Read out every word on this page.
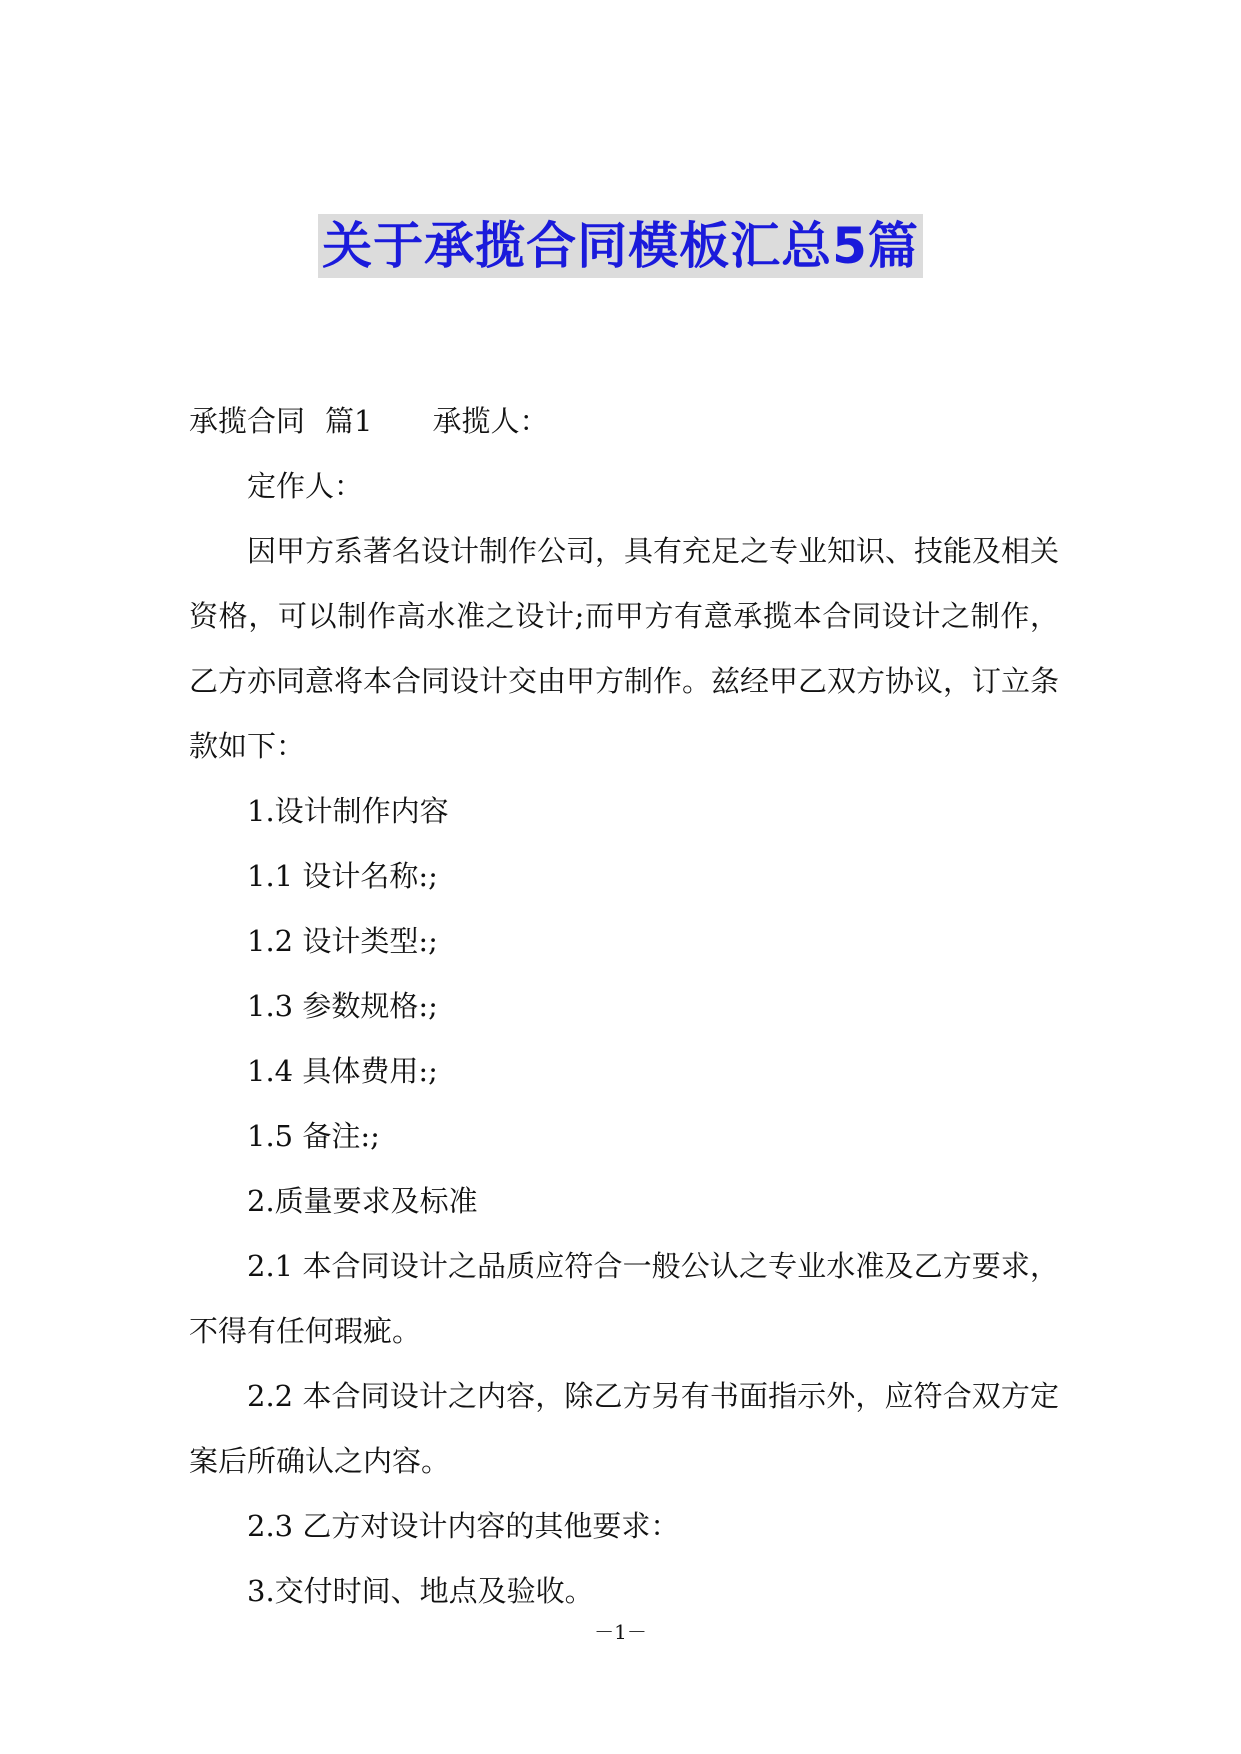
关于承揽合同模板汇总5篇

承揽合同 篇1 承揽人：

定作人：

因甲方系著名设计制作公司，具有充足之专业知识、技能及相关资格，可以制作高水准之设计;而甲方有意承揽本合同设计之制作，乙方亦同意将本合同设计交由甲方制作。兹经甲乙双方协议，订立条款如下：

1.设计制作内容

1.1 设计名称:;

1.2 设计类型:;

1.3 参数规格:;

1.4 具体费用:;

1.5 备注:;

2.质量要求及标准

2.1 本合同设计之品质应符合一般公认之专业水准及乙方要求，不得有任何瑕疵。

2.2 本合同设计之内容，除乙方另有书面指示外，应符合双方定案后所确认之内容。

2.3 乙方对设计内容的其他要求：

3.交付时间、地点及验收。

－1－
